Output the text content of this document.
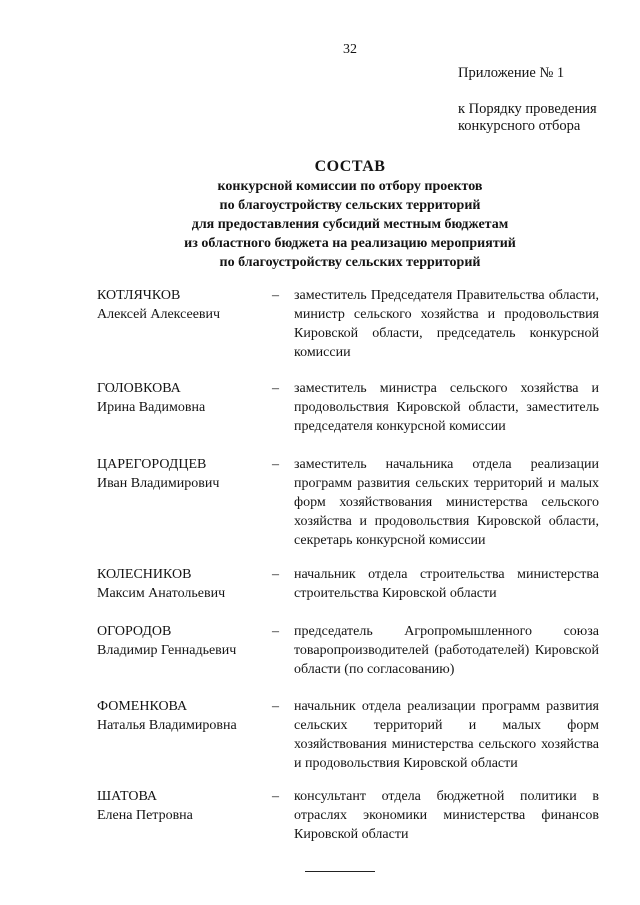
32
Приложение № 1
к Порядку проведения
конкурсного отбора
СОСТАВ
конкурсной комиссии по отбору проектов
по благоустройству сельских территорий
для предоставления субсидий местным бюджетам
из областного бюджета на реализацию мероприятий
по благоустройству сельских территорий
КОТЛЯЧКОВ
Алексей Алексеевич
– заместитель Председателя Правительства области, министр сельского хозяйства и продовольствия Кировской области, председатель конкурсной комиссии
ГОЛОВКОВА
Ирина Вадимовна
– заместитель министра сельского хозяйства и продовольствия Кировской области, заместитель председателя конкурсной комиссии
ЦАРЕГОРОДЦЕВ
Иван Владимирович
– заместитель начальника отдела реализации программ развития сельских территорий и малых форм хозяйствования министерства сельского хозяйства и продовольствия Кировской области, секретарь конкурсной комиссии
КОЛЕСНИКОВ
Максим Анатольевич
– начальник отдела строительства министерства строительства Кировской области
ОГОРОДОВ
Владимир Геннадьевич
– председатель Агропромышленного союза товаропроизводителей (работодателей) Кировской области (по согласованию)
ФОМЕНКОВА
Наталья Владимировна
– начальник отдела реализации программ развития сельских территорий и малых форм хозяйствования министерства сельского хозяйства и продовольствия Кировской области
ШАТОВА
Елена Петровна
– консультант отдела бюджетной политики в отраслях экономики министерства финансов Кировской области
